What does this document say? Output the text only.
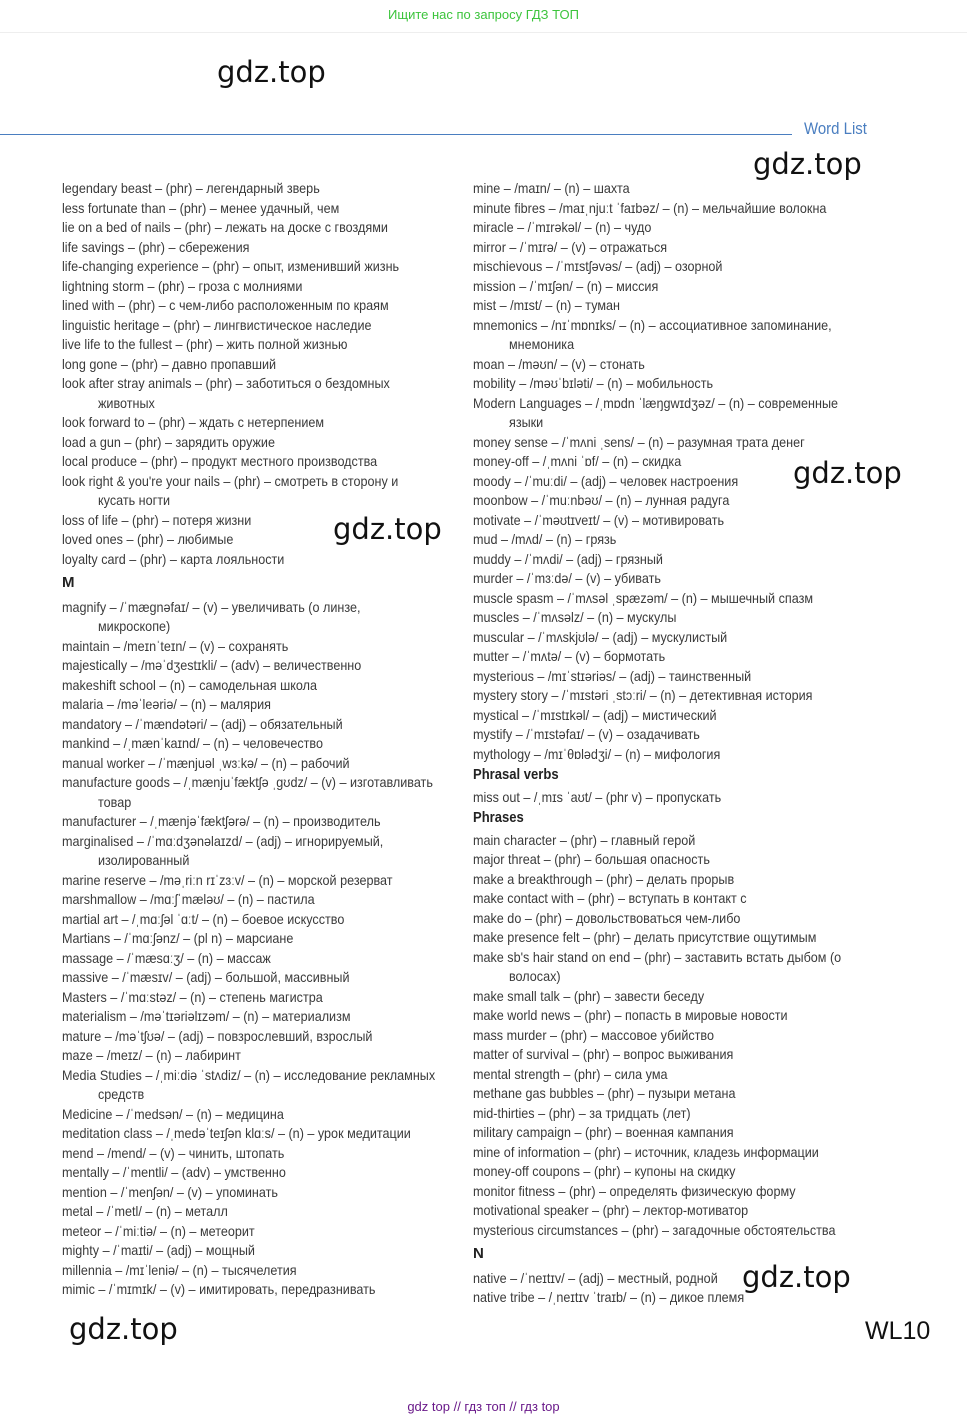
Ищите нас по запросу ГДЗ ТОП
gdz.top
Word List
gdz.top
legendary beast – (phr) – легендарный зверь
less fortunate than – (phr) – менее удачный, чем
lie on a bed of nails – (phr) – лежать на доске с гвоздями
life savings – (phr) – сбережения
life-changing experience – (phr) – опыт, изменивший жизнь
lightning storm – (phr) – гроза с молниями
lined with – (phr) – с чем-либо расположенным по краям
linguistic heritage – (phr) – лингвистическое наследие
live life to the fullest – (phr) – жить полной жизнью
long gone – (phr) – давно пропавший
look after stray animals – (phr) – заботиться о бездомных
животных
look forward to – (phr) – ждать с нетерпением
load a gun – (phr) – зарядить оружие
local produce – (phr) – продукт местного производства
look right & you're your nails – (phr) – смотреть в сторону и
кусать ногти
loss of life – (phr) – потеря жизни
loved ones – (phr) – любимые
loyalty card – (phr) – карта лояльности
M
magnify – /ˈmæɡnəfaɪ/ – (v) – увеличивать (о линзе,
микроскопе)
maintain – /meɪnˈteɪn/ – (v) – сохранять
majestically – /məˈdʒestɪkli/ – (adv) – величественно
makeshift school – (n) – самодельная школа
malaria – /məˈleəriə/ – (n) – малярия
mandatory – /ˈmændətəri/ – (adj) – обязательный
mankind – /ˌmænˈkaɪnd/ – (n) – человечество
manual worker – /ˈmænjuəl ˌwɜːkə/ – (n) – рабочий
manufacture goods – /ˌmænjuˈfæktʃə ˌɡʊdz/ – (v) – изготавливать
товар
manufacturer – /ˌmænjəˈfæktʃərə/ – (n) – производитель
marginalised – /ˈmɑːdʒənəlaɪzd/ – (adj) – игнорируемый,
изолированный
marine reserve – /məˌriːn rɪˈzɜːv/ – (n) – морской резерват
marshmallow – /mɑːʃˈmæləʊ/ – (n) – пастила
martial art – /ˌmɑːʃəl ˈɑːt/ – (n) – боевое искусство
Martians – /ˈmɑːʃənz/ – (pl n) – марсиане
massage – /ˈmæsɑːʒ/ – (n) – массаж
massive – /ˈmæsɪv/ – (adj) – большой, массивный
Masters – /ˈmɑːstəz/ – (n) – степень магистра
materialism – /məˈtɪəriəlɪzəm/ – (n) – материализм
mature – /məˈtʃʊə/ – (adj) – повзрослевший, взрослый
maze – /meɪz/ – (n) – лабиринт
Media Studies – /ˌmiːdiə ˈstʌdiz/ – (n) – исследование рекламных
средств
Medicine – /ˈmedsən/ – (n) – медицина
meditation class – /ˌmedəˈteɪʃən klɑːs/ – (n) – урок медитации
mend – /mend/ – (v) – чинить, штопать
mentally – /ˈmentli/ – (adv) – умственно
mention – /ˈmenʃən/ – (v) – упоминать
metal – /ˈmetl/ – (n) – металл
meteor – /ˈmiːtiə/ – (n) – метеорит
mighty – /ˈmaɪti/ – (adj) – мощный
millennia – /mɪˈleniə/ – (n) – тысячелетия
mimic – /ˈmɪmɪk/ – (v) – имитировать, передразнивать
mine – /maɪn/ – (n) – шахта
minute fibres – /maɪˌnjuːt ˈfaɪbəz/ – (n) – мельчайшие волокна
miracle – /ˈmɪrəkəl/ – (n) – чудо
mirror – /ˈmɪrə/ – (v) – отражаться
mischievous – /ˈmɪstʃəvəs/ – (adj) – озорной
mission – /ˈmɪʃən/ – (n) – миссия
mist – /mɪst/ – (n) – туман
mnemonics – /nɪˈmɒnɪks/ – (n) – ассоциативное запоминание,
мнемоника
moan – /məʊn/ – (v) – стонать
mobility – /məʊˈbɪləti/ – (n) – мобильность
Modern Languages – /ˌmɒdn ˈlæŋɡwɪdʒəz/ – (n) – современные
языки
money sense – /ˈmʌni ˌsens/ – (n) – разумная трата денег
money-off – /ˌmʌni ˈɒf/ – (n) – скидка
moody – /ˈmuːdi/ – (adj) – человек настроения
moonbow – /ˈmuːnbəʊ/ – (n) – лунная радуга
motivate – /ˈməʊtɪveɪt/ – (v) – мотивировать
mud – /mʌd/ – (n) – грязь
muddy – /ˈmʌdi/ – (adj) – грязный
murder – /ˈmɜːdə/ – (v) – убивать
muscle spasm – /ˈmʌsəl ˌspæzəm/ – (n) – мышечный спазм
muscles – /ˈmʌsəlz/ – (n) – мускулы
muscular – /ˈmʌskjʊlə/ – (adj) – мускулистый
mutter – /ˈmʌtə/ – (v) – бормотать
mysterious – /mɪˈstɪəriəs/ – (adj) – таинственный
mystery story – /ˈmɪstəri ˌstɔːri/ – (n) – детективная история
mystical – /ˈmɪstɪkəl/ – (adj) – мистический
mystify – /ˈmɪstəfaɪ/ – (v) – озадачивать
mythology – /mɪˈθɒlədʒi/ – (n) – мифология
Phrasal verbs
miss out – /ˌmɪs ˈaʊt/ – (phr v) – пропускать
Phrases
main character – (phr) – главный герой
major threat – (phr) – большая опасность
make a breakthrough – (phr) – делать прорыв
make contact with – (phr) – вступать в контакт с
make do – (phr) – довольствоваться чем-либо
make presence felt – (phr) – делать присутствие ощутимым
make sb's hair stand on end – (phr) – заставить встать дыбом (о
волосах)
make small talk – (phr) – завести беседу
make world news – (phr) – попасть в мировые новости
mass murder – (phr) – массовое убийство
matter of survival – (phr) – вопрос выживания
mental strength – (phr) – сила ума
methane gas bubbles – (phr) – пузыри метана
mid-thirties – (phr) – за тридцать (лет)
military campaign – (phr) – военная кампания
mine of information – (phr) – источник, кладезь информации
money-off coupons – (phr) – купоны на скидку
monitor fitness – (phr) – определять физическую форму
motivational speaker – (phr) – лектор-мотиватор
mysterious circumstances – (phr) – загадочные обстоятельства
N
native – /ˈneɪtɪv/ – (adj) – местный, родной
native tribe – /ˌneɪtɪv ˈtraɪb/ – (n) – дикое племя
gdz.top
gdz.top
gdz.top
gdz.top	WL10
gdz top // гдз топ // гдз top
